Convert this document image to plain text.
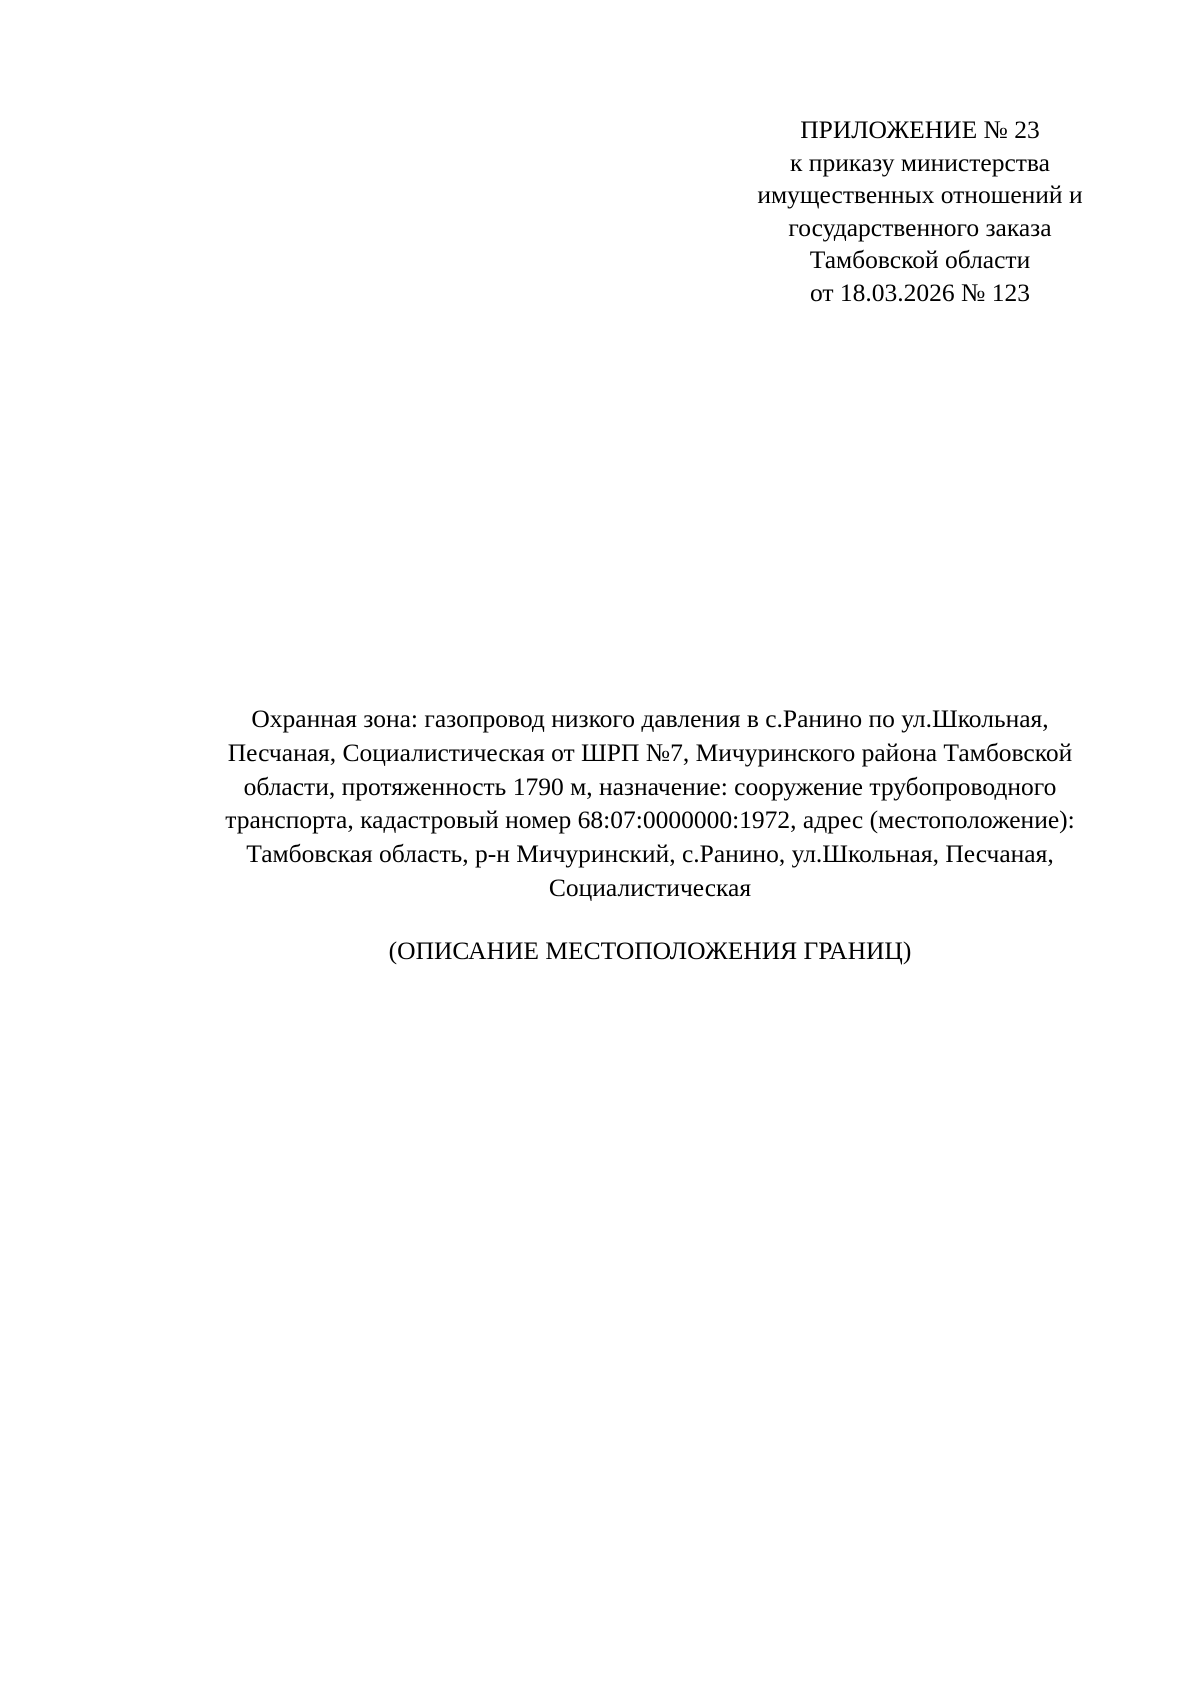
ПРИЛОЖЕНИЕ № 23
к приказу министерства
имущественных отношений и
государственного заказа
Тамбовской области
от 18.03.2026 № 123
Охранная зона: газопровод низкого давления в с.Ранино по ул.Школьная,
Песчаная, Социалистическая от ШРП №7, Мичуринского района Тамбовской
области, протяженность 1790 м, назначение: сооружение трубопроводного
транспорта, кадастровый номер 68:07:0000000:1972, адрес (местоположение):
Тамбовская область, р-н Мичуринский, с.Ранино, ул.Школьная, Песчаная,
Социалистическая
(ОПИСАНИЕ МЕСТОПОЛОЖЕНИЯ ГРАНИЦ)
